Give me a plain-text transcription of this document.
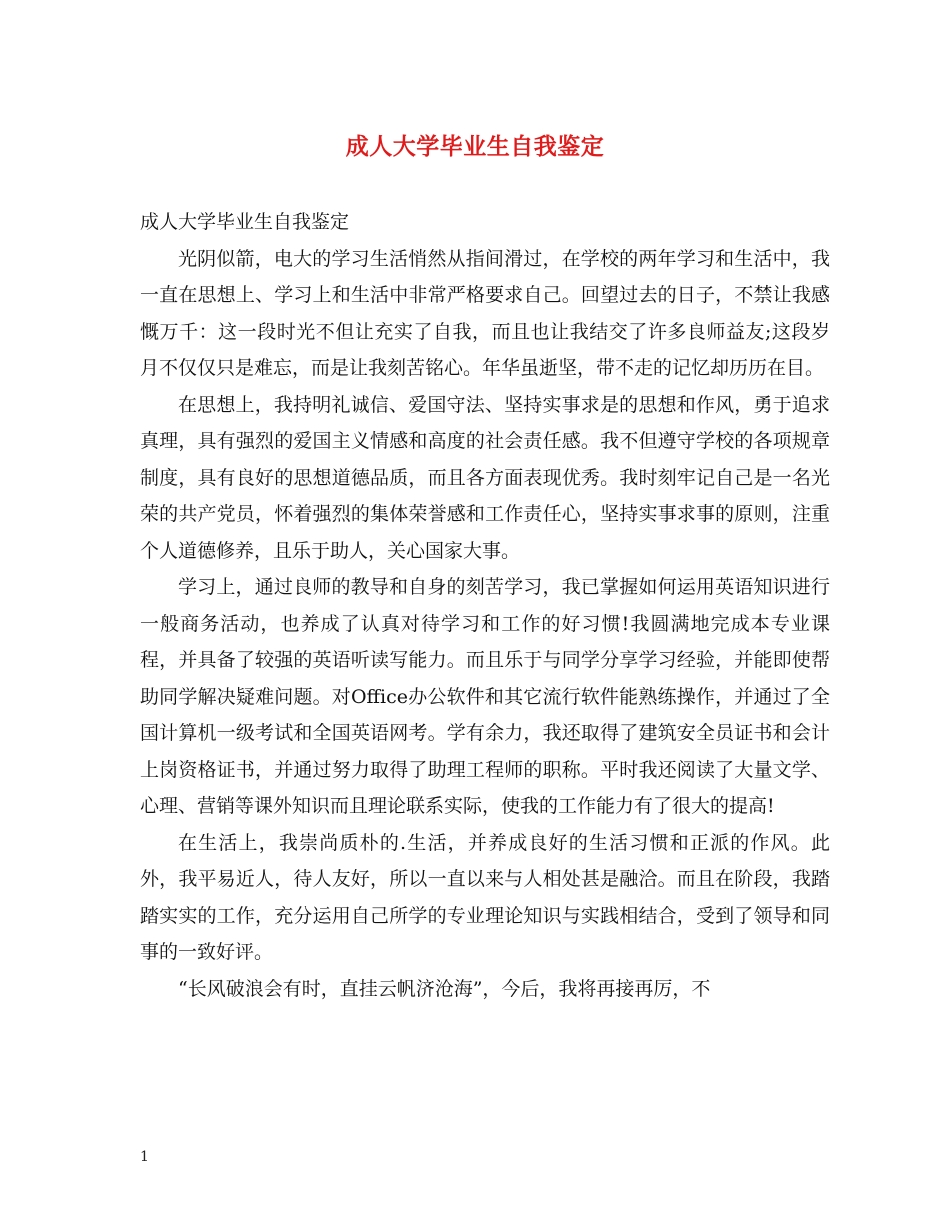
成人大学毕业生自我鉴定

成人大学毕业生自我鉴定

光阴似箭，电大的学习生活悄然从指间滑过，在学校的两年学习和生活中，我一直在思想上、学习上和生活中非常严格要求自己。回望过去的日子，不禁让我感慨万千：这一段时光不但让充实了自我，而且也让我结交了许多良师益友;这段岁月不仅仅只是难忘，而是让我刻苦铭心。年华虽逝坚，带不走的记忆却历历在目。

在思想上，我持明礼诚信、爱国守法、坚持实事求是的思想和作风，勇于追求真理，具有强烈的爱国主义情感和高度的社会责任感。我不但遵守学校的各项规章制度，具有良好的思想道德品质，而且各方面表现优秀。我时刻牢记自己是一名光荣的共产党员，怀着强烈的集体荣誉感和工作责任心，坚持实事求事的原则，注重个人道德修养，且乐于助人，关心国家大事。

学习上，通过良师的教导和自身的刻苦学习，我已掌握如何运用英语知识进行一般商务活动，也养成了认真对待学习和工作的好习惯!我圆满地完成本专业课程，并具备了较强的英语听读写能力。而且乐于与同学分享学习经验，并能即使帮助同学解决疑难问题。对Office办公软件和其它流行软件能熟练操作，并通过了全国计算机一级考试和全国英语网考。学有余力，我还取得了建筑安全员证书和会计上岗资格证书，并通过努力取得了助理工程师的职称。平时我还阅读了大量文学、心理、营销等课外知识而且理论联系实际，使我的工作能力有了很大的提高!

在生活上，我崇尚质朴的.生活，并养成良好的生活习惯和正派的作风。此外，我平易近人，待人友好，所以一直以来与人相处甚是融洽。而且在阶段，我踏踏实实的工作，充分运用自己所学的专业理论知识与实践相结合，受到了领导和同事的一致好评。

“长风破浪会有时，直挂云帆济沧海”，今后，我将再接再厉，不

1
